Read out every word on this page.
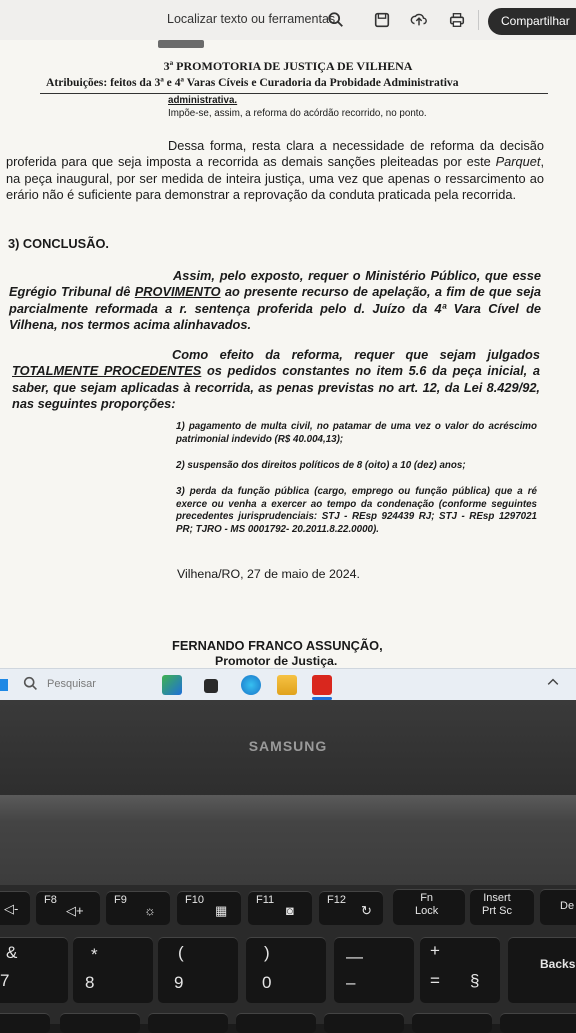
Localizar texto ou ferramentas	Compartilhar
3ª PROMOTORIA DE JUSTIÇA DE VILHENA
Atribuições: feitos da 3ª e 4ª Varas Cíveis e Curadoria da Probidade Administrativa
administrativa.
Impõe-se, assim, a reforma do acórdão recorrido, no ponto.
Dessa forma, resta clara a necessidade de reforma da decisão proferida para que seja imposta a recorrida as demais sanções pleiteadas por este Parquet, na peça inaugural, por ser medida de inteira justiça, uma vez que apenas o ressarcimento ao erário não é suficiente para demonstrar a reprovação da conduta praticada pela recorrida.
3) CONCLUSÃO.
Assim, pelo exposto, requer o Ministério Público, que esse Egrégio Tribunal dê PROVIMENTO ao presente recurso de apelação, a fim de que seja parcialmente reformada a r. sentença proferida pelo d. Juízo da 4ª Vara Cível de Vilhena, nos termos acima alinhavados.
Como efeito da reforma, requer que sejam julgados TOTALMENTE PROCEDENTES os pedidos constantes no item 5.6 da peça inicial, a saber, que sejam aplicadas à recorrida, as penas previstas no art. 12, da Lei 8.429/92, nas seguintes proporções:
1) pagamento de multa civil, no patamar de uma vez o valor do acréscimo patrimonial indevido (R$ 40.004,13);
2) suspensão dos direitos políticos de 8 (oito) a 10 (dez) anos;
3) perda da função pública (cargo, emprego ou função pública) que a ré exerce ou venha a exercer ao tempo da condenação (conforme seguintes precedentes jurisprudenciais: STJ - REsp 924439 RJ; STJ - REsp 1297021 PR; TJRO - MS 0001792- 20.2011.8.22.0000).
Vilhena/RO, 27 de maio de 2024.
FERNANDO FRANCO ASSUNÇÃO,
Promotor de Justiça.
Pesquisar
SAMSUNG
◁-
F8
◁+
F9
☼
F10
▦
F11
◙
F12
↻
Fn
Lock
Insert
Prt Sc	De
&
7
*
8
(
9
)
0
—
–
+
= §
Backs
